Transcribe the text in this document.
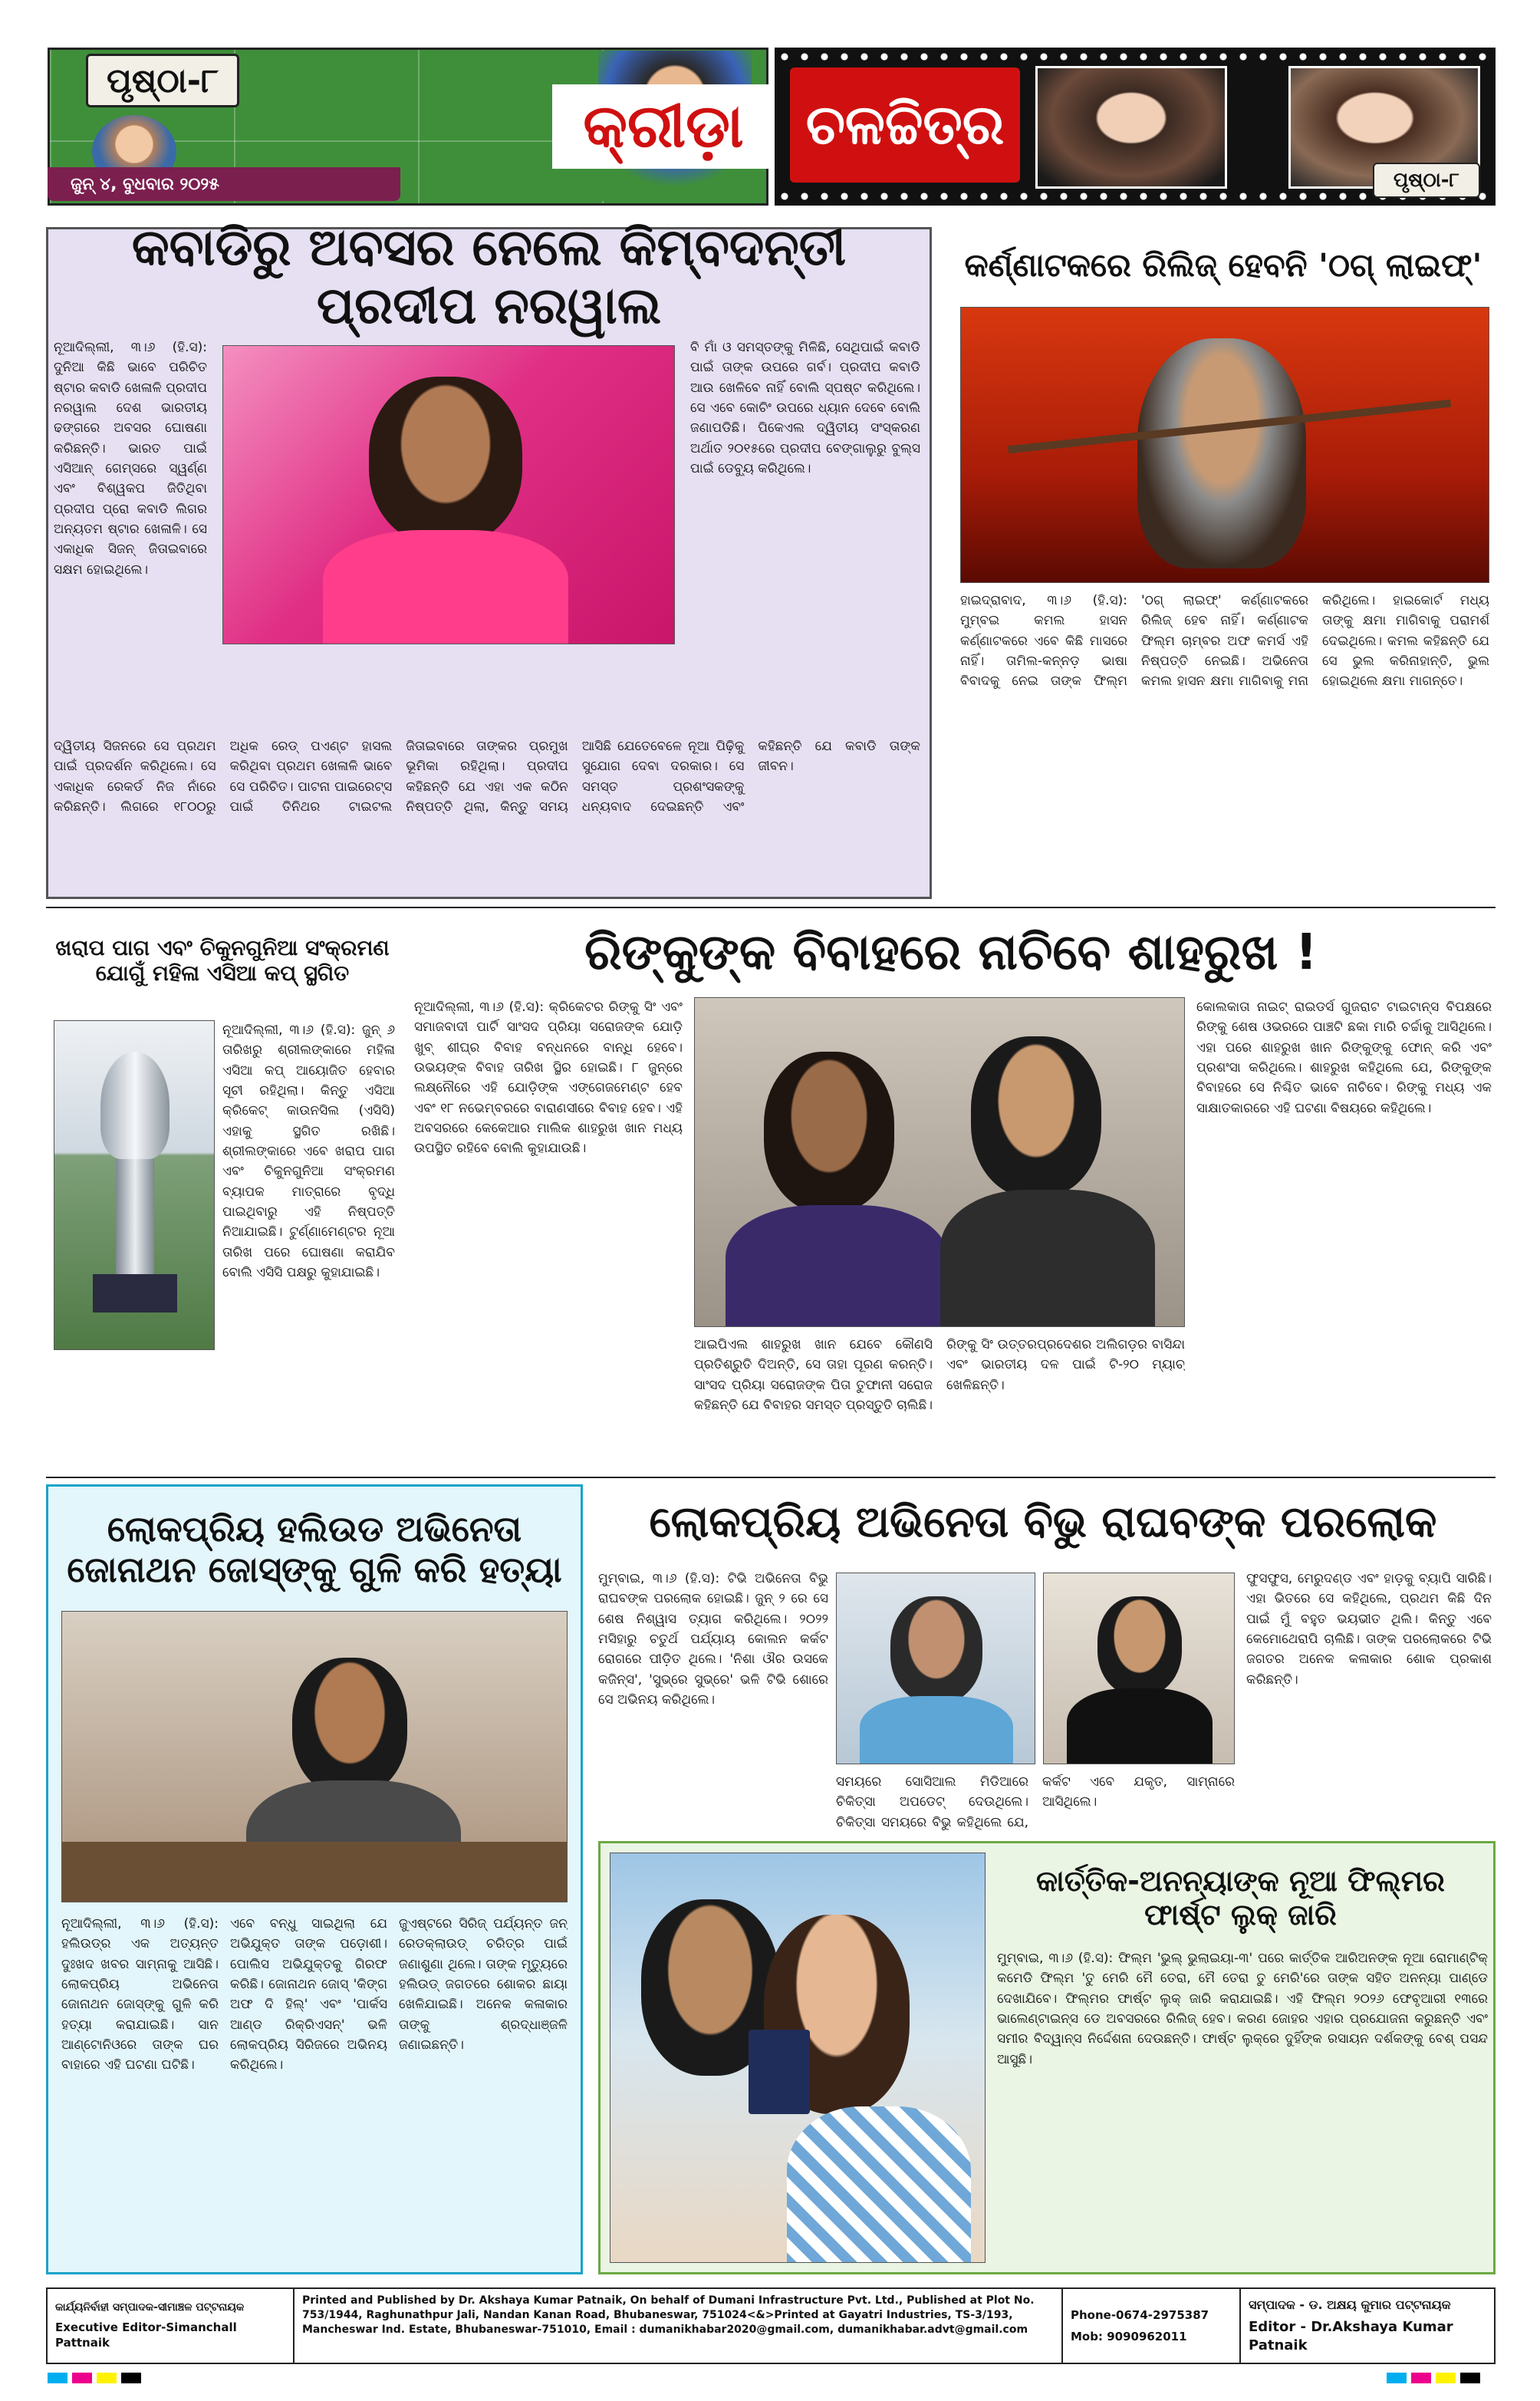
ପୃଷ୍ଠା-୮
ଜୁନ୍ ୪, ବୁଧବାର ୨୦୨୫
କ୍ରୀଡ଼ା	ଚଳଚ୍ଚିତ୍ର
ପୃଷ୍ଠା-୮
କବାଡିରୁ ଅବସର ନେଲେ କିମ୍ବଦନ୍ତୀ ପ୍ରଦୀପ ନରୱାଲ

ନୂଆଦିଲ୍ଲୀ, ୩।୬ (ହି.ସ): ଦୁନିଆ କିଛି ଭାବେ ପରିଚିତ ଷ୍ଟାର କବାଡି ଖେଳାଳି ପ୍ରଦୀପ ନରୱାଲ ଦେଶ ଭାରତୀୟ ଢଙ୍ଗରେ ଅବସର ଘୋଷଣା କରିଛନ୍ତି। ଭାରତ ପାଇଁ ଏସିଆନ୍ ଗେମ୍ସରେ ସ୍ୱର୍ଣ୍ଣ ଏବଂ ବିଶ୍ୱକପ ଜିତିଥିବା ପ୍ରଦୀପ ପ୍ରୋ କବାଡି ଲିଗର ଅନ୍ୟତମ ଷ୍ଟାର ଖେଳାଳି। ସେ ଏକାଧିକ ସିଜନ୍ ଜିତାଇବାରେ ସକ୍ଷମ ହୋଇଥିଲେ।

ବି ମାଁ ଓ ସମସ୍ତଙ୍କୁ ମିଳିଛି, ସେଥିପାଇଁ କବାଡି ପାଇଁ ତାଙ୍କ ଉପରେ ଗର୍ବ। ପ୍ରଦୀପ କବାଡି ଆଉ ଖେଳିବେ ନାହିଁ ବୋଲି ସ୍ପଷ୍ଟ କରିଥିଲେ। ସେ ଏବେ କୋଚିଂ ଉପରେ ଧ୍ୟାନ ଦେବେ ବୋଲି ଜଣାପଡିଛି। ପିକେଏଲ ଦ୍ୱିତୀୟ ସଂସ୍କରଣ ଅର୍ଥାତ ୨୦୧୫ରେ ପ୍ରଦୀପ ବେଙ୍ଗାଲୁରୁ ବୁଲ୍ସ ପାଇଁ ଡେବ୍ୟୁ କରିଥିଲେ।

ଦ୍ୱିତୀୟ ସିଜନରେ ସେ ପ୍ରଥମ ପାଇଁ ପ୍ରଦର୍ଶନ କରିଥିଲେ। ସେ ଏକାଧିକ ରେକର୍ଡ ନିଜ ନାଁରେ କରିଛନ୍ତି। ଲିଗରେ ୧୮୦୦ରୁ ଅଧିକ ରେଡ୍ ପଏଣ୍ଟ ହାସଲ କରିଥିବା ପ୍ରଥମ ଖେଳାଳି ଭାବେ ସେ ପରିଚିତ। ପାଟନା ପାଇରେଟ୍ସ ପାଇଁ ତିନିଥର ଟାଇଟଲ ଜିତାଇବାରେ ତାଙ୍କର ପ୍ରମୁଖ ଭୂମିକା ରହିଥିଲା। ପ୍ରଦୀପ କହିଛନ୍ତି ଯେ ଏହା ଏକ କଠିନ ନିଷ୍ପତ୍ତି ଥିଲା, କିନ୍ତୁ ସମୟ ଆସିଛି ଯେତେବେଳେ ନୂଆ ପିଢ଼ିକୁ ସୁଯୋଗ ଦେବା ଦରକାର। ସେ ସମସ୍ତ ପ୍ରଶଂସକଙ୍କୁ ଧନ୍ୟବାଦ ଦେଇଛନ୍ତି ଏବଂ କହିଛନ୍ତି ଯେ କବାଡି ତାଙ୍କ ଜୀବନ।

କର୍ଣ୍ଣାଟକରେ ରିଲିଜ୍ ହେବନି 'ଠଗ୍ ଲାଇଫ୍'

ହାଇଦ୍ରାବାଦ, ୩।୬ (ହି.ସ): ମୁମ୍ବଇ କମଲ ହାସନ କର୍ଣ୍ଣାଟକରେ ଏବେ କିଛି ମାସରେ ନାହିଁ। ତାମିଲ-କନ୍ନଡ଼ ଭାଷା ବିବାଦକୁ ନେଇ ତାଙ୍କ ଫିଲ୍ମ 'ଠଗ୍ ଲାଇଫ୍' କର୍ଣ୍ଣାଟକରେ ରିଲିଜ୍ ହେବ ନାହିଁ। କର୍ଣ୍ଣାଟକ ଫିଲ୍ମ ଚାମ୍ବର ଅଫ କମର୍ସ ଏହି ନିଷ୍ପତ୍ତି ନେଇଛି। ଅଭିନେତା କମଲ ହାସନ କ୍ଷମା ମାଗିବାକୁ ମନା କରିଥିଲେ। ହାଇକୋର୍ଟ ମଧ୍ୟ ତାଙ୍କୁ କ୍ଷମା ମାଗିବାକୁ ପରାମର୍ଶ ଦେଇଥିଲେ। କମଲ କହିଛନ୍ତି ଯେ ସେ ଭୁଲ କରିନାହାନ୍ତି, ଭୁଲ ହୋଇଥିଲେ କ୍ଷମା ମାଗନ୍ତେ।

ଖରାପ ପାଗ ଏବଂ ଚିକୁନଗୁନିଆ ସଂକ୍ରମଣ ଯୋଗୁଁ ମହିଳା ଏସିଆ କପ୍ ସ୍ଥଗିତ

ନୂଆଦିଲ୍ଲୀ, ୩।୬ (ହି.ସ): ଜୁନ୍ ୬ ତାରିଖରୁ ଶ୍ରୀଲଙ୍କାରେ ମହିଳା ଏସିଆ କପ୍ ଆୟୋଜିତ ହେବାର ସୂଚୀ ରହିଥିଲା। କିନ୍ତୁ ଏସିଆ କ୍ରିକେଟ୍ କାଉନସିଲ (ଏସିସି) ଏହାକୁ ସ୍ଥଗିତ ରଖିଛି। ଶ୍ରୀଲଙ୍କାରେ ଏବେ ଖରାପ ପାଗ ଏବଂ ଚିକୁନଗୁନିଆ ସଂକ୍ରମଣ ବ୍ୟାପକ ମାତ୍ରାରେ ବୃଦ୍ଧି ପାଇଥିବାରୁ ଏହି ନିଷ୍ପତ୍ତି ନିଆଯାଇଛି। ଟୁର୍ଣ୍ଣାମେଣ୍ଟର ନୂଆ ତାରିଖ ପରେ ଘୋଷଣା କରାଯିବ ବୋଲି ଏସିସି ପକ୍ଷରୁ କୁହାଯାଇଛି।

ରିଙ୍କୁଙ୍କ ବିବାହରେ ନାଚିବେ ଶାହରୁଖ !

ନୂଆଦିଲ୍ଲୀ, ୩।୬ (ହି.ସ): କ୍ରିକେଟର ରିଙ୍କୁ ସିଂ ଏବଂ ସମାଜବାଦୀ ପାର୍ଟି ସାଂସଦ ପ୍ରିୟା ସରୋଜଙ୍କ ଯୋଡ଼ି ଖୁବ୍ ଶୀଘ୍ର ବିବାହ ବନ୍ଧନରେ ବାନ୍ଧି ହେବେ। ଉଭୟଙ୍କ ବିବାହ ତାରିଖ ସ୍ଥିର ହୋଇଛି। ୮ ଜୁନ୍‌ରେ ଲକ୍ଷ୍ନୌରେ ଏହି ଯୋଡ଼ିଙ୍କ ଏଙ୍ଗେଜମେଣ୍ଟ ହେବ ଏବଂ ୧୮ ନଭେମ୍ବରରେ ବାରାଣସୀରେ ବିବାହ ହେବ। ଏହି ଅବସରରେ କେକେଆର ମାଲିକ ଶାହରୁଖ ଖାନ ମଧ୍ୟ ଉପସ୍ଥିତ ରହିବେ ବୋଲି କୁହାଯାଉଛି।

କୋଲକାତା ନାଇଟ୍ ରାଇଡର୍ସ ଗୁଜରାଟ ଟାଇଟାନ୍ସ ବିପକ୍ଷରେ ରିଙ୍କୁ ଶେଷ ଓଭରରେ ପାଞ୍ଚଟି ଛକା ମାରି ଚର୍ଚ୍ଚାକୁ ଆସିଥିଲେ। ଏହା ପରେ ଶାହରୁଖ ଖାନ ରିଙ୍କୁଙ୍କୁ ଫୋନ୍ କରି ଏବଂ ପ୍ରଶଂସା କରିଥିଲେ। ଶାହରୁଖ କହିଥିଲେ ଯେ, ରିଙ୍କୁଙ୍କ ବିବାହରେ ସେ ନିଶ୍ଚିତ ଭାବେ ନାଚିବେ। ରିଙ୍କୁ ମଧ୍ୟ ଏକ ସାକ୍ଷାତକାରରେ ଏହି ଘଟଣା ବିଷୟରେ କହିଥିଲେ।

ଆଇପିଏଲ ଶାହରୁଖ ଖାନ ଯେବେ କୌଣସି ପ୍ରତିଶ୍ରୁତି ଦିଅନ୍ତି, ସେ ତାହା ପୂରଣ କରନ୍ତି। ସାଂସଦ ପ୍ରିୟା ସରୋଜଙ୍କ ପିତା ତୁଫାନୀ ସରୋଜ କହିଛନ୍ତି ଯେ ବିବାହର ସମସ୍ତ ପ୍ରସ୍ତୁତି ଚାଲିଛି। ରିଙ୍କୁ ସିଂ ଉତ୍ତରପ୍ରଦେଶର ଅଲିଗଡ଼ର ବାସିନ୍ଦା ଏବଂ ଭାରତୀୟ ଦଳ ପାଇଁ ଟି-୨୦ ମ୍ୟାଚ୍ ଖେଳିଛନ୍ତି।

ଲୋକପ୍ରିୟ ହଲିଉଡ ଅଭିନେତା ଜୋନାଥନ ଜୋସ୍‌ଙ୍କୁ ଗୁଳି କରି ହତ୍ୟା

ନୂଆଦିଲ୍ଲୀ, ୩।୬ (ହି.ସ): ହଲିଉଡ୍ର ଏକ ଅତ୍ୟନ୍ତ ଦୁଃଖଦ ଖବର ସାମ୍ନାକୁ ଆସିଛି। ଲୋକପ୍ରିୟ ଅଭିନେତା ଜୋନାଥନ ଜୋସ୍‌ଙ୍କୁ ଗୁଳି କରି ହତ୍ୟା କରାଯାଇଛି। ସାନ ଆଣ୍ଟୋନିଓରେ ତାଙ୍କ ଘର ବାହାରେ ଏହି ଘଟଣା ଘଟିଛି।

ଏବେ ବନ୍ଧୁ ସାଇଥିଲା ଯେ ଅଭିଯୁକ୍ତ ତାଙ୍କ ପଡ଼ୋଶୀ। ପୋଲିସ ଅଭିଯୁକ୍ତକୁ ଗିରଫ କରିଛି। ଜୋନାଥନ ଜୋସ୍ 'କିଙ୍ଗ ଅଫ ଦି ହିଲ୍' ଏବଂ 'ପାର୍କସ ଆଣ୍ଡ ରିକ୍ରିଏସନ୍' ଭଳି ଲୋକପ୍ରିୟ ସିରିଜରେ ଅଭିନୟ କରିଥିଲେ।

ଜୁଏଷ୍ଟରେ ସିରିଜ୍ ପର୍ଯ୍ୟନ୍ତ ଜନ୍ ରେଡକ୍ଲାଉଡ୍ ଚରିତ୍ର ପାଇଁ ଜଣାଶୁଣା ଥିଲେ। ତାଙ୍କ ମୃତ୍ୟୁରେ ହଲିଉଡ୍ ଜଗତରେ ଶୋକର ଛାୟା ଖେଳିଯାଇଛି। ଅନେକ କଳାକାର ତାଙ୍କୁ ଶ୍ରଦ୍ଧାଞ୍ଜଳି ଜଣାଇଛନ୍ତି।

ଲୋକପ୍ରିୟ ଅଭିନେତା ବିଭୁ ରାଘବଙ୍କ ପରଲୋକ

ମୁମ୍ବାଇ, ୩।୬ (ହି.ସ): ଟିଭି ଅଭିନେତା ବିଭୁ ରାଘବଙ୍କ ପରଲୋକ ହୋଇଛି। ଜୁନ୍ ୨ ରେ ସେ ଶେଷ ନିଶ୍ୱାସ ତ୍ୟାଗ କରିଥିଲେ। ୨୦୨୨ ମସିହାରୁ ଚତୁର୍ଥ ପର୍ଯ୍ୟାୟ କୋଲନ କର୍କଟ ରୋଗରେ ପୀଡ଼ିତ ଥିଲେ। 'ନିଶା ଔର ଉସକେ କଜିନ୍ସ', 'ସୁଭ୍ରେ ସୁଭ୍ରେ' ଭଳି ଟିଭି ଶୋରେ ସେ ଅଭିନୟ କରିଥିଲେ।

ଫୁସଫୁସ, ମେରୁଦଣ୍ଡ ଏବଂ ହାଡ଼କୁ ବ୍ୟାପି ସାରିଛି। ଏହା ଭିତରେ ସେ କହିଥିଲେ, ପ୍ରଥମ କିଛି ଦିନ ପାଇଁ ମୁଁ ବହୁତ ଭୟଭୀତ ଥିଲି। କିନ୍ତୁ ଏବେ କେମୋଥେରାପି ଚାଲିଛି। ତାଙ୍କ ପରଲୋକରେ ଟିଭି ଜଗତର ଅନେକ କଳାକାର ଶୋକ ପ୍ରକାଶ କରିଛନ୍ତି।

ସମୟରେ ସୋସିଆଲ ମିଡିଆରେ ଚିକିତ୍ସା ଅପଡେଟ୍ ଦେଉଥିଲେ। ଚିକିତ୍ସା ସମୟରେ ବିଭୁ କହିଥିଲେ ଯେ, କର୍କଟ ଏବେ ଯକୃତ, ସାମ୍ନାରେ ଆସିଥିଲେ।

କାର୍ତ୍ତିକ-ଅନନ୍ୟାଙ୍କ ନୂଆ ଫିଲ୍ମର ଫାର୍ଷ୍ଟ ଲୁକ୍ ଜାରି

ମୁମ୍ବାଇ, ୩।୬ (ହି.ସ): ଫିଲ୍ମ 'ଭୁଲ୍ ଭୁଲାଇୟା-୩' ପରେ କାର୍ତ୍ତିକ ଆରିଅନଙ୍କ ନୂଆ ରୋମାଣ୍ଟିକ୍ କମେଡି ଫିଲ୍ମ 'ତୁ ମେରି ମୈ ତେରା, ମୈ ତେରା ତୁ ମେରି'ରେ ତାଙ୍କ ସହିତ ଅନନ୍ୟା ପାଣ୍ଡେ ଦେଖାଯିବେ। ଫିଲ୍ମର ଫାର୍ଷ୍ଟ ଲୁକ୍ ଜାରି କରାଯାଇଛି। ଏହି ଫିଲ୍ମ ୨୦୨୬ ଫେବୃଆରୀ ୧୩ରେ ଭାଲେଣ୍ଟାଇନ୍ସ ଡେ ଅବସରରେ ରିଲିଜ୍ ହେବ। କରଣ ଜୋହର ଏହାର ପ୍ରଯୋଜନା କରୁଛନ୍ତି ଏବଂ ସମୀର ବିଦ୍ୱାନ୍ସ ନିର୍ଦ୍ଦେଶନା ଦେଉଛନ୍ତି। ଫାର୍ଷ୍ଟ ଲୁକ୍‌ରେ ଦୁହିଁଙ୍କ ରସାୟନ ଦର୍ଶକଙ୍କୁ ବେଶ୍ ପସନ୍ଦ ଆସୁଛି।

କାର୍ଯ୍ୟନିର୍ବାହୀ ସମ୍ପାଦକ-ସୀମାଞ୍ଚଳ ପଟ୍ଟନାୟକ
Executive Editor-Simanchall Pattnaik
Printed and Published by Dr. Akshaya Kumar Patnaik, On behalf of Dumani Infrastructure Pvt. Ltd., Published at Plot No. 753/1944, Raghunathpur Jali, Nandan Kanan Road, Bhubaneswar, 751024<&>Printed at Gayatri Industries, TS-3/193, Mancheswar Ind. Estate, Bhubaneswar-751010, Email : dumanikhabar2020@gmail.com, dumanikhabar.advt@gmail.com
Phone-0674-2975387
Mob: 9090962011
ସମ୍ପାଦକ - ଡ. ଅକ୍ଷୟ କୁମାର ପଟ୍ଟନାୟକ
Editor - Dr.Akshaya Kumar Patnaik
